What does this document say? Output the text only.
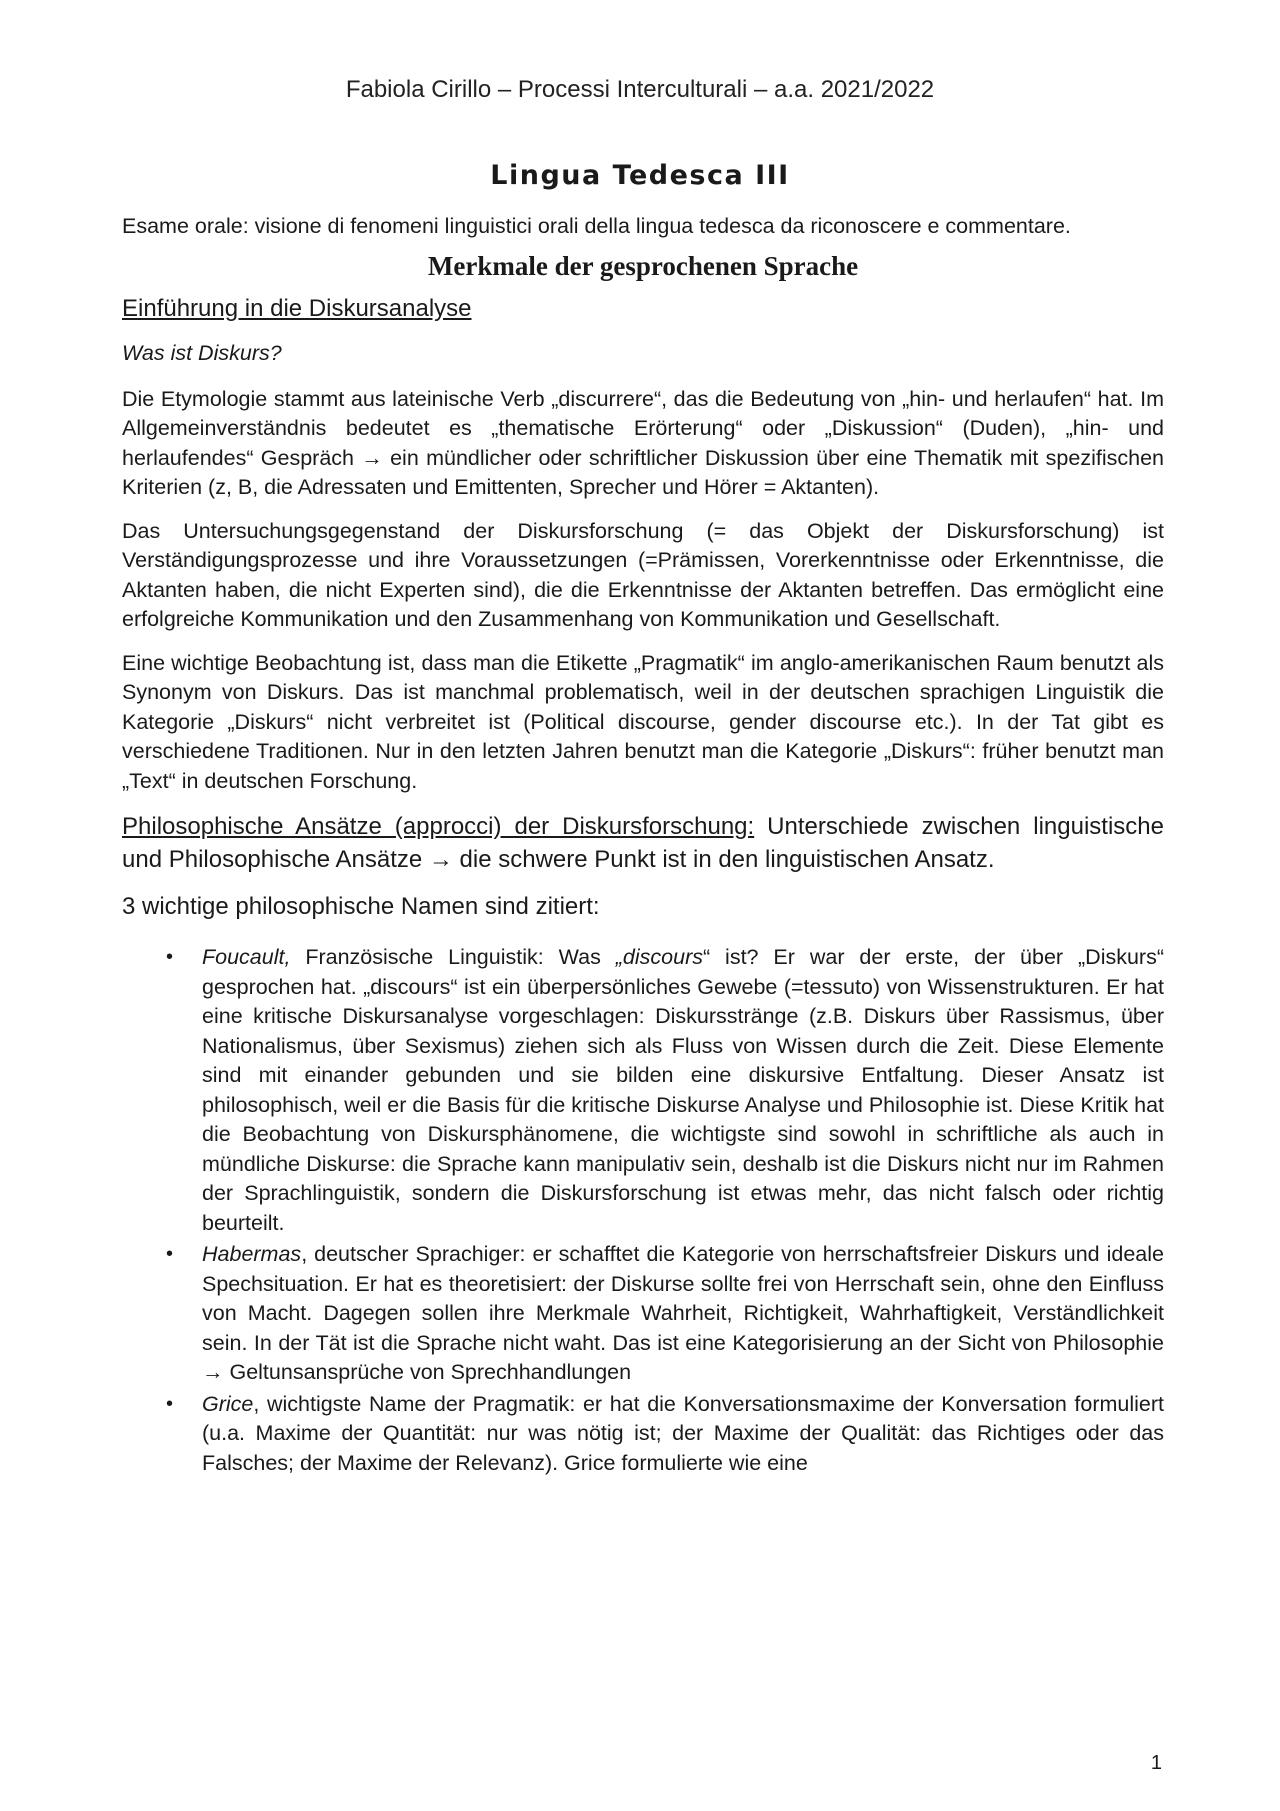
Fabiola Cirillo – Processi Interculturali – a.a. 2021/2022
Lingua Tedesca III

Esame orale: visione di fenomeni linguistici orali della lingua tedesca da riconoscere e commentare.

Merkmale der gesprochenen Sprache

Einführung in die Diskursanalyse

Was ist Diskurs?

Die Etymologie stammt aus lateinische Verb „discurrere“, das die Bedeutung von „hin- und herlaufen“ hat. Im Allgemeinverständnis bedeutet es „thematische Erörterung“ oder „Diskussion“ (Duden), „hin- und herlaufendes“ Gespräch → ein mündlicher oder schriftlicher Diskussion über eine Thematik mit spezifischen Kriterien (z, B, die Adressaten und Emittenten, Sprecher und Hörer = Aktanten).

Das Untersuchungsgegenstand der Diskursforschung (= das Objekt der Diskursforschung) ist Verständigungsprozesse und ihre Voraussetzungen (=Prämissen, Vorerkenntnisse oder Erkenntnisse, die Aktanten haben, die nicht Experten sind), die die Erkenntnisse der Aktanten betreffen. Das ermöglicht eine erfolgreiche Kommunikation und den Zusammenhang von Kommunikation und Gesellschaft.

Eine wichtige Beobachtung ist, dass man die Etikette „Pragmatik“ im anglo-amerikanischen Raum benutzt als Synonym von Diskurs. Das ist manchmal problematisch, weil in der deutschen sprachigen Linguistik die Kategorie „Diskurs“ nicht verbreitet ist (Political discourse, gender discourse etc.). In der Tat gibt es verschiedene Traditionen. Nur in den letzten Jahren benutzt man die Kategorie „Diskurs“: früher benutzt man „Text“ in deutschen Forschung.

Philosophische Ansätze (approcci) der Diskursforschung: Unterschiede zwischen linguistische und Philosophische Ansätze → die schwere Punkt ist in den linguistischen Ansatz.

3 wichtige philosophische Namen sind zitiert:

• Foucault, Französische Linguistik: Was „discours“ ist? Er war der erste, der über „Diskurs“ gesprochen hat. „discours“ ist ein überpersönliches Gewebe (=tessuto) von Wissenstrukturen. Er hat eine kritische Diskursanalyse vorgeschlagen: Diskursstränge (z.B. Diskurs über Rassismus, über Nationalismus, über Sexismus) ziehen sich als Fluss von Wissen durch die Zeit. Diese Elemente sind mit einander gebunden und sie bilden eine diskursive Entfaltung. Dieser Ansatz ist philosophisch, weil er die Basis für die kritische Diskurse Analyse und Philosophie ist. Diese Kritik hat die Beobachtung von Diskursphänomene, die wichtigste sind sowohl in schriftliche als auch in mündliche Diskurse: die Sprache kann manipulativ sein, deshalb ist die Diskurs nicht nur im Rahmen der Sprachlinguistik, sondern die Diskursforschung ist etwas mehr, das nicht falsch oder richtig beurteilt.
• Habermas, deutscher Sprachiger: er schafftet die Kategorie von herrschaftsfreier Diskurs und ideale Spechsituation. Er hat es theoretisiert: der Diskurse sollte frei von Herrschaft sein, ohne den Einfluss von Macht. Dagegen sollen ihre Merkmale Wahrheit, Richtigkeit, Wahrhaftigkeit, Verständlichkeit sein. In der Tät ist die Sprache nicht waht. Das ist eine Kategorisierung an der Sicht von Philosophie → Geltunsansprüche von Sprechhandlungen
• Grice, wichtigste Name der Pragmatik: er hat die Konversationsmaxime der Konversation formuliert (u.a. Maxime der Quantität: nur was nötig ist; der Maxime der Qualität: das Richtiges oder das Falsches; der Maxime der Relevanz). Grice formulierte wie eine
1
